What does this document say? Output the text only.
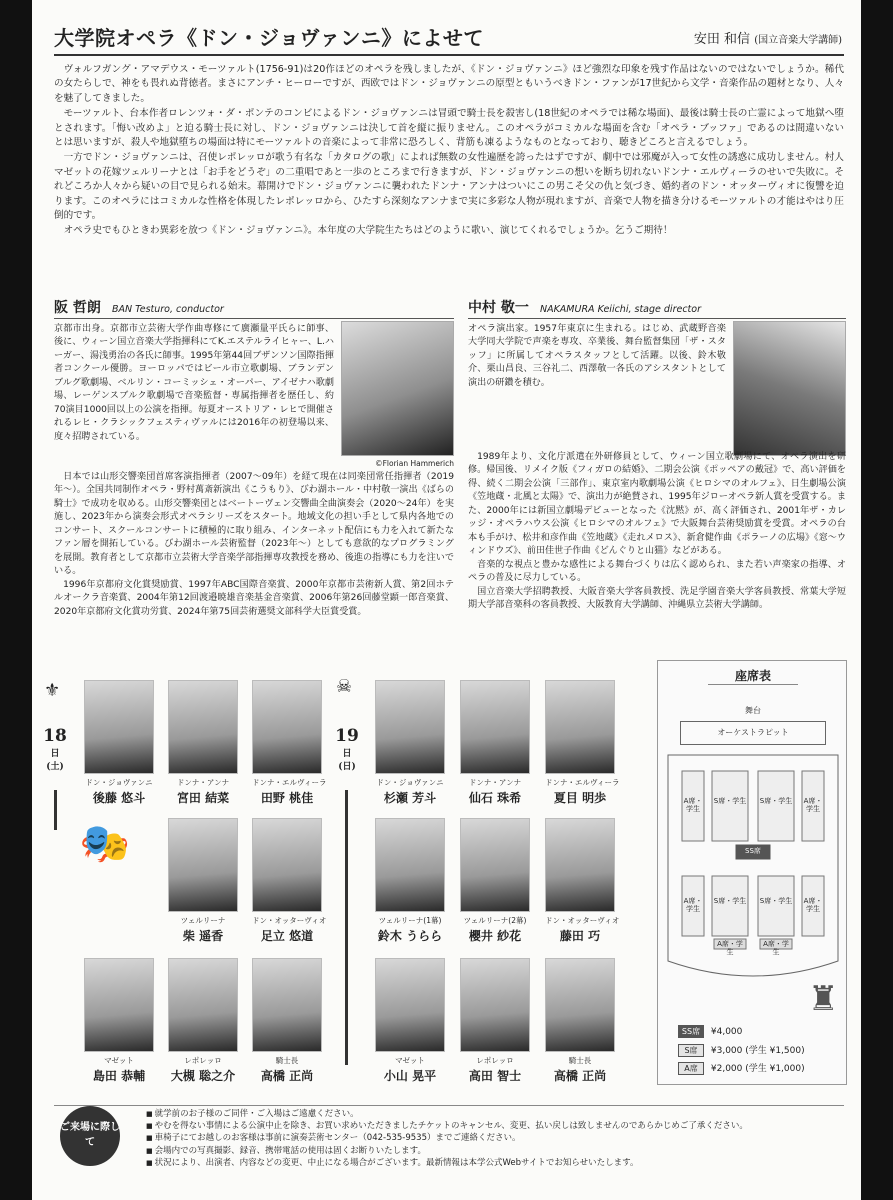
大学院オペラ《ドン・ジョヴァンニ》によせて	安田 和信 (国立音楽大学講師)

ヴォルフガング・アマデウス・モーツァルト(1756-91)は20作ほどのオペラを残しましたが、《ドン・ジョヴァンニ》ほど強烈な印象を残す作品はないのではないでしょうか。稀代の女たらしで、神をも畏れぬ背徳者。まさにアンチ・ヒーローですが、西欧ではドン・ジョヴァンニの原型ともいうべきドン・ファンが17世紀から文学・音楽作品の題材となり、人々を魅了してきました。

モーツァルト、台本作者ロレンツォ・ダ・ポンテのコンビによるドン・ジョヴァンニは冒頭で騎士長を殺害し(18世紀のオペラでは稀な場面)、最後は騎士長の亡霊によって地獄へ堕とされます。「悔い改めよ」と迫る騎士長に対し、ドン・ジョヴァンニは決して首を縦に振りません。このオペラがコミカルな場面を含む「オペラ・ブッファ」であるのは間違いないとは思いますが、殺人や地獄堕ちの場面は特にモーツァルトの音楽によって非常に恐ろしく、背筋も凍るようなものとなっており、聴きどころと言えるでしょう。

一方でドン・ジョヴァンニは、召使レポレッロが歌う有名な「カタログの歌」によれば無数の女性遍歴を誇ったはずですが、劇中では邪魔が入って女性の誘惑に成功しません。村人マゼットの花嫁ツェルリーナとは「お手をどうぞ」の二重唱であと一歩のところまで行きますが、ドン・ジョヴァンニの想いを断ち切れないドンナ・エルヴィーラのせいで失敗に。それどころか人々から疑いの目で見られる始末。幕開けでドン・ジョヴァンニに襲われたドンナ・アンナはついにこの男こそ父の仇と気づき、婚約者のドン・オッターヴィオに復讐を迫ります。このオペラにはコミカルな性格を体現したレポレッロから、ひたすら深刻なアンナまで実に多彩な人物が現れますが、音楽で人物を描き分けるモーツァルトの才能はやはり圧倒的です。

オペラ史でもひときわ異彩を放つ《ドン・ジョヴァンニ》。本年度の大学院生たちはどのように歌い、演じてくれるでしょうか。乞うご期待！

阪 哲朗 BAN Testuro, conductor
京都市出身。京都市立芸術大学作曲専修にて廣瀬量平氏らに師事、後に、ウィーン国立音楽大学指揮科にてK.エステルライヒャー、L.ハーガー、湯浅勇治の各氏に師事。1995年第44回ブザンソン国際指揮者コンクール優勝。ヨーロッパではビール市立歌劇場、ブランデンブルグ歌劇場、ベルリン・コーミッシェ・オーパー、アイゼナハ歌劇場、レーゲンスブルク歌劇場で音楽監督・専属指揮者を歴任し、約70演目1000回以上の公演を指揮。毎夏オーストリア・レヒで開催されるレヒ・クラシックフェスティヴァルには2016年の初登場以来、度々招聘されている。
©Florian Hammerich

日本では山形交響楽団首席客演指揮者（2007～09年）を経て現在は同楽団常任指揮者（2019年～）。全国共同制作オペラ・野村萬斎新演出《こうもり》、びわ湖ホール・中村敬一演出《ばらの騎士》で成功を収める。山形交響楽団とはベートーヴェン交響曲全曲演奏会（2020～24年）を実施し、2023年から演奏会形式オペラシリーズをスタート。地域文化の担い手として県内各地でのコンサート、スクールコンサートに積極的に取り組み、インターネット配信にも力を入れて新たなファン層を開拓している。びわ湖ホール芸術監督（2023年～）としても意欲的なプログラミングを展開。教育者として京都市立芸術大学音楽学部指揮専攻教授を務め、後進の指導にも力を注いでいる。

1996年京都府文化賞奨励賞、1997年ABC国際音楽賞、2000年京都市芸術新人賞、第2回ホテルオークラ音楽賞、2004年第12回渡邉暁雄音楽基金音楽賞、2006年第26回藤堂顕一郎音楽賞、2020年京都府文化賞功労賞、2024年第75回芸術選奨文部科学大臣賞受賞。

中村 敬一 NAKAMURA Keiichi, stage director
オペラ演出家。1957年東京に生まれる。はじめ、武蔵野音楽大学同大学院で声楽を専攻、卒業後、舞台監督集団「ザ・スタッフ」に所属してオペラスタッフとして活躍。以後、鈴木敬介、栗山昌良、三谷礼二、西澤敬一各氏のアシスタントとして演出の研鑽を積む。

1989年より、文化庁派遣在外研修員として、ウィーン国立歌劇場にて、オペラ演出を研修。帰国後、リメイク版《フィガロの結婚》、二期会公演《ポッペアの戴冠》で、高い評価を得、続く二期会公演「三部作」、東京室内歌劇場公演《ヒロシマのオルフェ》、日生劇場公演《笠地蔵・北風と太陽》で、演出力が絶賛され、1995年ジローオペラ新人賞を受賞する。また、2000年には新国立劇場デビューとなった《沈黙》が、高く評価され、2001年ザ・カレッジ・オペラハウス公演《ヒロシマのオルフェ》で大阪舞台芸術奨励賞を受賞。オペラの台本も手がけ、松井和彦作曲《笠地蔵》《走れメロス》、新倉健作曲《ポラーノの広場》《窓～ウィンドウズ》、前田佳世子作曲《どんぐりと山猫》などがある。

音楽的な視点と豊かな感性による舞台づくりは広く認められ、また若い声楽家の指導、オペラの普及に尽力している。

国立音楽大学招聘教授、大阪音楽大学客員教授、洗足学園音楽大学客員教授、常葉大学短期大学部音楽科の客員教授、大阪教育大学講師、沖縄県立芸術大学講師。

⚜
18
日
(土)
🎭
ドン・ジョヴァンニ
後藤 悠斗
ドンナ・アンナ
宮田 結菜
ドンナ・エルヴィーラ
田野 桃佳
ツェルリーナ
柴 遥香
ドン・オッターヴィオ
足立 悠道
マゼット
島田 恭輔
レポレッロ
大槻 聡之介
騎士長
高橋 正尚
☠
19
日
(日)
ドン・ジョヴァンニ
杉瀬 芳斗
ドンナ・アンナ
仙石 珠希
ドンナ・エルヴィーラ
夏目 明歩
ツェルリーナ(1幕)
鈴木 うらら
ツェルリーナ(2幕)
櫻井 紗花
ドン・オッターヴィオ
藤田 巧
マゼット
小山 晃平
レポレッロ
高田 智士
騎士長
高橋 正尚
座席表
舞台
オーケストラピット
A席・学生
A席・学生
S席・学生 S席・学生
SS席
A席・学生
A席・学生
S席・学生 S席・学生
A席・学生
A席・学生
SS席 ¥4,000
S席 ¥3,000 (学生 ¥1,500)
A席 ¥2,000 (学生 ¥1,000)
♜
ご来場に際して
■ 就学前のお子様のご同伴・ご入場はご遠慮ください。
■ やむを得ない事情による公演中止を除き、お買い求めいただきましたチケットのキャンセル、変更、払い戻しは致しませんのであらかじめご了承ください。
■ 車椅子にてお越しのお客様は事前に演奏芸術センター（042-535-9535）までご連絡ください。
■ 会場内での写真撮影、録音、携帯電話の使用は固くお断りいたします。
■ 状況により、出演者、内容などの変更、中止になる場合がございます。最新情報は本学公式Webサイトでお知らせいたします。
